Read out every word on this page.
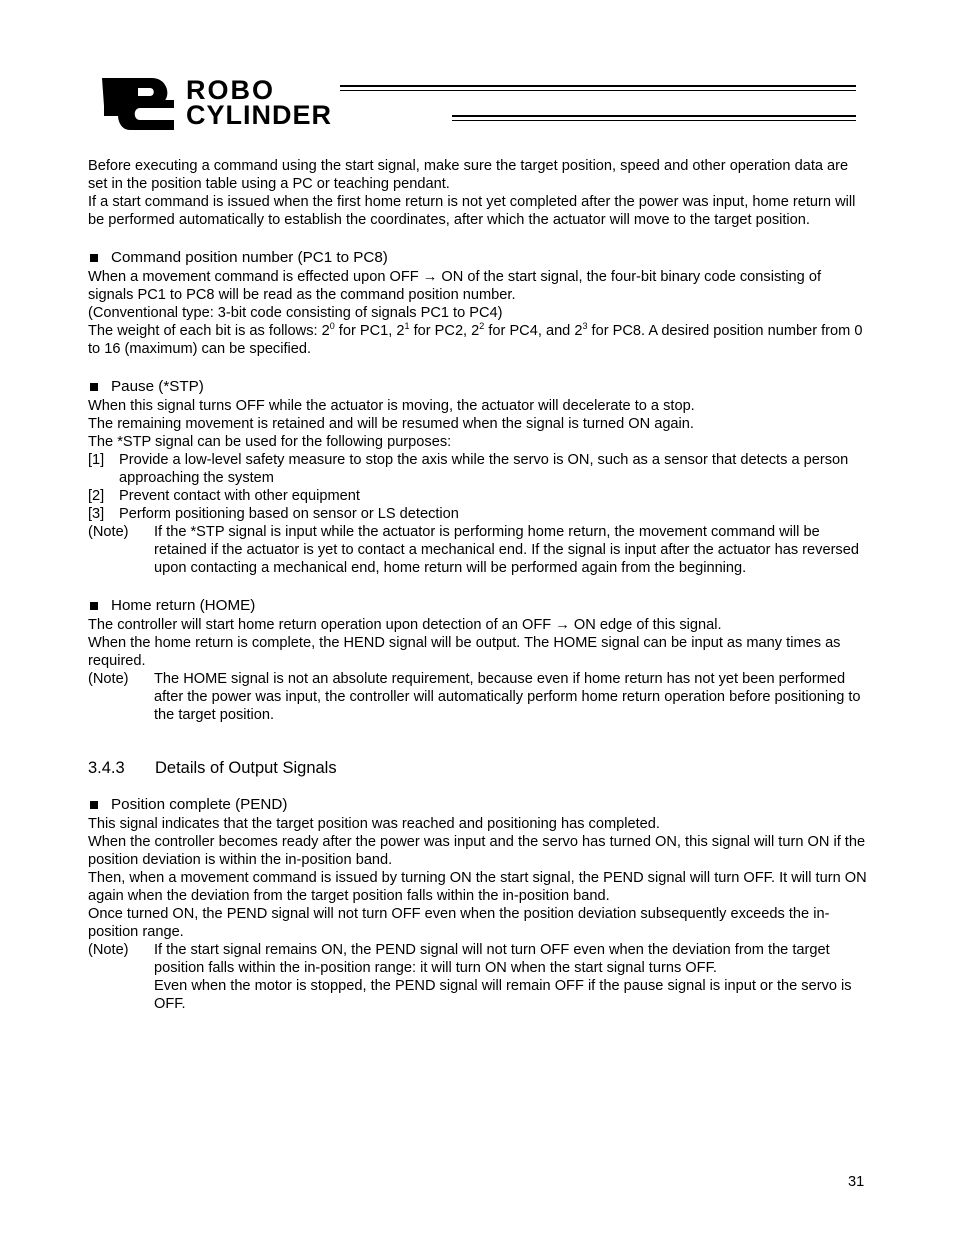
ROBO
CYLINDER

Before executing a command using the start signal, make sure the target position, speed and other operation data are set in the position table using a PC or teaching pendant.

If a start command is issued when the first home return is not yet completed after the power was input, home return will be performed automatically to establish the coordinates, after which the actuator will move to the target position.

Command position number (PC1 to PC8)

When a movement command is effected upon OFF → ON of the start signal, the four-bit binary code consisting of signals PC1 to PC8 will be read as the command position number.

(Conventional type: 3-bit code consisting of signals PC1 to PC4)

The weight of each bit is as follows: $2^0$ for PC1, $2^1$ for PC2, $2^2$ for PC4, and $2^3$ for PC8. A desired position number from 0 to 16 (maximum) can be specified.

Pause (*STP)

When this signal turns OFF while the actuator is moving, the actuator will decelerate to a stop.

The remaining movement is retained and will be resumed when the signal is turned ON again.

The *STP signal can be used for the following purposes:

[1]	Provide a low-level safety measure to stop the axis while the servo is ON, such as a sensor that detects a person approaching the system
[2]	Prevent contact with other equipment
[3]	Perform positioning based on sensor or LS detection
(Note)	If the *STP signal is input while the actuator is performing home return, the movement command will be retained if the actuator is yet to contact a mechanical end. If the signal is input after the actuator has reversed upon contacting a mechanical end, home return will be performed again from the beginning.
Home return (HOME)

The controller will start home return operation upon detection of an OFF → ON edge of this signal.

When the home return is complete, the HEND signal will be output. The HOME signal can be input as many times as required.

(Note)	The HOME signal is not an absolute requirement, because even if home return has not yet been performed after the power was input, the controller will automatically perform home return operation before positioning to the target position.
3.4.3	Details of Output Signals
Position complete (PEND)

This signal indicates that the target position was reached and positioning has completed.

When the controller becomes ready after the power was input and the servo has turned ON, this signal will turn ON if the position deviation is within the in-position band.

Then, when a movement command is issued by turning ON the start signal, the PEND signal will turn OFF. It will turn ON again when the deviation from the target position falls within the in-position band.

Once turned ON, the PEND signal will not turn OFF even when the position deviation subsequently exceeds the in-position range.

(Note)	If the start signal remains ON, the PEND signal will not turn OFF even when the deviation from the target position falls within the in-position range: it will turn ON when the start signal turns OFF.
Even when the motor is stopped, the PEND signal will remain OFF if the pause signal is input or the servo is OFF.
31
